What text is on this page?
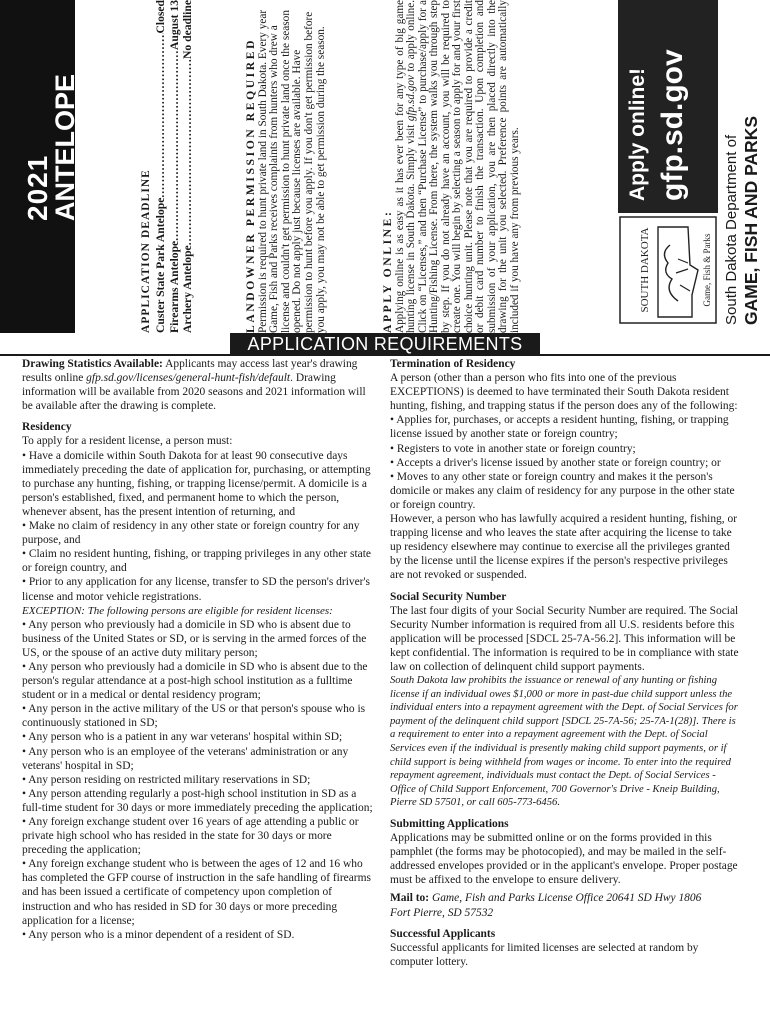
2021
ANTELOPE
APPLICATION DEADLINE Custer State Park Antelope
.....
Closed
Firearms Antelope
.....
August 13
Archery Antelope
.....
No deadline
LANDOWNER PERMISSION REQUIRED Permission is required to hunt private land in South Dakota. Every year Game, Fish and Parks receives complaints from hunters who drew a license and couldn't get permission to hunt private land once the season opened. Do not apply just because licenses are available. Have permission to hunt before you apply. If you don't get permission before you apply, you may not be able to get permission during the season.	APPLY ONLINE: Applying online is as easy as it has ever been for any type of big game hunting license in South Dakota. Simply visit gfp.sd.gov to apply online. Click on “Licenses,” and then “Purchase License” to purchase/apply for a Hunting/Fishing License. From there, the system walks you through step by step. If you do not already have an account, you will be required to create one. You will begin by selecting a season to apply for and your first choice hunting unit. Please note that you are required to provide a credit or debit card number to finish the transaction. Upon completion and submission of your application, you are then placed directly into the drawing for the unit you selected. Preference points are automatically included if you have any from previous years.	SOUTH DAKOTA	Game, Fish & Parks
Apply online! gfp.sd.gov
South Dakota Department of GAME, FISH AND PARKS
APPLICATION REQUIREMENTS

Drawing Statistics Available: Applicants may access last year's drawing results online gfp.sd.gov/licenses/general-hunt-fish/default. Drawing information will be available from 2020 seasons and 2021 information will be available after the drawing is complete.

Residency

To apply for a resident license, a person must:

• Have a domicile within South Dakota for at least 90 consecutive days immediately preceding the date of application for, purchasing, or attempting to purchase any hunting, fishing, or trapping license/permit. A domicile is a person's established, fixed, and permanent home to which the person, whenever absent, has the present intention of returning, and

• Make no claim of residency in any other state or foreign country for any purpose, and

• Claim no resident hunting, fishing, or trapping privileges in any other state or foreign country, and

• Prior to any application for any license, transfer to SD the person's driver's license and motor vehicle registrations.

EXCEPTION: The following persons are eligible for resident licenses:

• Any person who previously had a domicile in SD who is absent due to business of the United States or SD, or is serving in the armed forces of the US, or the spouse of an active duty military person;

• Any person who previously had a domicile in SD who is absent due to the person's regular attendance at a post-high school institution as a fulltime student or in a medical or dental residency program;

• Any person in the active military of the US or that person's spouse who is continuously stationed in SD;

• Any person who is a patient in any war veterans' hospital within SD;

• Any person who is an employee of the veterans' administration or any veterans' hospital in SD;

• Any person residing on restricted military reservations in SD;

• Any person attending regularly a post-high school institution in SD as a full-time student for 30 days or more immediately preceding the application;

• Any foreign exchange student over 16 years of age attending a public or private high school who has resided in the state for 30 days or more preceding the application;

• Any foreign exchange student who is between the ages of 12 and 16 who has completed the GFP course of instruction in the safe handling of firearms and has been issued a certificate of competency upon completion of instruction and who has resided in SD for 30 days or more preceding application for a license;

• Any person who is a minor dependent of a resident of SD.

Termination of Residency

A person (other than a person who fits into one of the previous EXCEPTIONS) is deemed to have terminated their South Dakota resident hunting, fishing, and trapping status if the person does any of the following:

• Applies for, purchases, or accepts a resident hunting, fishing, or trapping license issued by another state or foreign country;

• Registers to vote in another state or foreign country;

• Accepts a driver's license issued by another state or foreign country; or

• Moves to any other state or foreign country and makes it the person's domicile or makes any claim of residency for any purpose in the other state or foreign country.

However, a person who has lawfully acquired a resident hunting, fishing, or trapping license and who leaves the state after acquiring the license to take up residency elsewhere may continue to exercise all the privileges granted by the license until the license expires if the person's respective privileges are not revoked or suspended.

Social Security Number

The last four digits of your Social Security Number are required. The Social Security Number information is required from all U.S. residents before this application will be processed [SDCL 25-7A-56.2]. This information will be kept confidential. The information is required to be in compliance with state law on collection of delinquent child support payments.

South Dakota law prohibits the issuance or renewal of any hunting or fishing license if an individual owes $1,000 or more in past-due child support unless the individual enters into a repayment agreement with the Dept. of Social Services for payment of the delinquent child support [SDCL 25-7A-56; 25-7A-1(28)]. There is a requirement to enter into a repayment agreement with the Dept. of Social Services even if the individual is presently making child support payments, or if child support is being withheld from wages or income. To enter into the required repayment agreement, individuals must contact the Dept. of Social Services - Office of Child Support Enforcement, 700 Governor's Drive - Kneip Building, Pierre SD 57501, or call 605-773-6456.

Submitting Applications

Applications may be submitted online or on the forms provided in this pamphlet (the forms may be photocopied), and may be mailed in the self-addressed envelopes provided or in the applicant's envelope. Proper postage must be affixed to the envelope to ensure delivery.

Mail to: Game, Fish and Parks License Office 20641 SD Hwy 1806

Fort Pierre, SD 57532

Successful Applicants

Successful applicants for limited licenses are selected at random by computer lottery.
